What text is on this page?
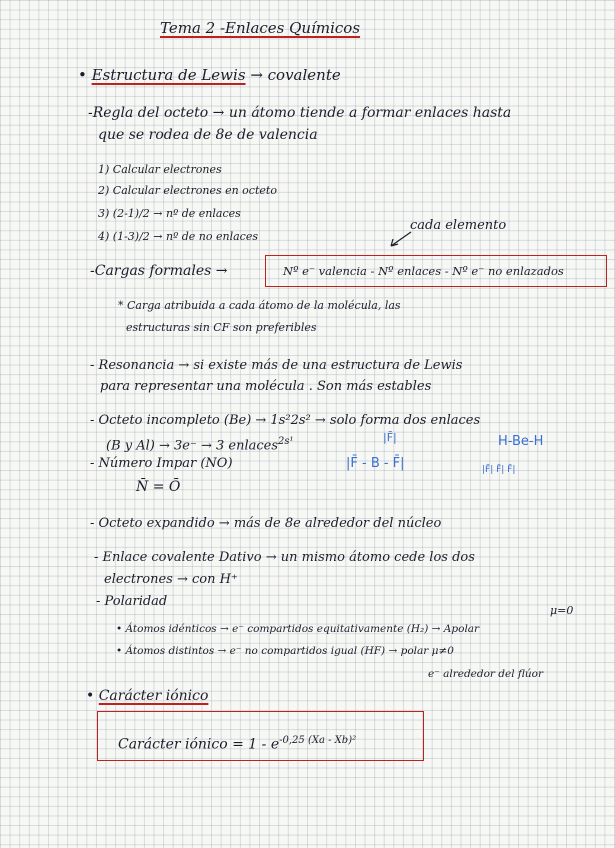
Tema 2 -Enlaces Químicos
• Estructura de Lewis → covalente
-Regla del octeto → un átomo tiende a formar enlaces hasta
que se rodea de 8e de valencia
1) Calcular electrones
2) Calcular electrones en octeto
3) (2-1)/2 → nº de enlaces
4) (1-3)/2 → nº de no enlaces
cada elemento
-Cargas formales →	Nº e⁻ valencia - Nº enlaces - Nº e⁻ no enlazados
* Carga atribuida a cada átomo de la molécula, las
estructuras sin CF son preferibles
- Resonancia → si existe más de una estructura de Lewis
para representar una molécula . Son más estables
- Octeto incompleto (Be) → 1s²2s² → solo forma dos enlaces
(B y Al) → 3e⁻ → 3 enlaces$^{2s^1}$	|F̄|	H-Be-H
|F̄ - B - F̄|	|F̄| F̄| F̄|
- Número Impar (NO)
N̄ = Ō
- Octeto expandido → más de 8e alrededor del núcleo
- Enlace covalente Dativo → un mismo átomo cede los dos
electrones → con H⁺
- Polaridad
μ=0
• Átomos idénticos → e⁻ compartidos equitativamente (H₂) → Apolar
• Átomos distintos → e⁻ no compartidos igual (HF) → polar μ≠0
e⁻ alrededor del flúor
• Carácter iónico
Carácter iónico = $1 - e^{-0,25 (Xa - Xb)^2}$
